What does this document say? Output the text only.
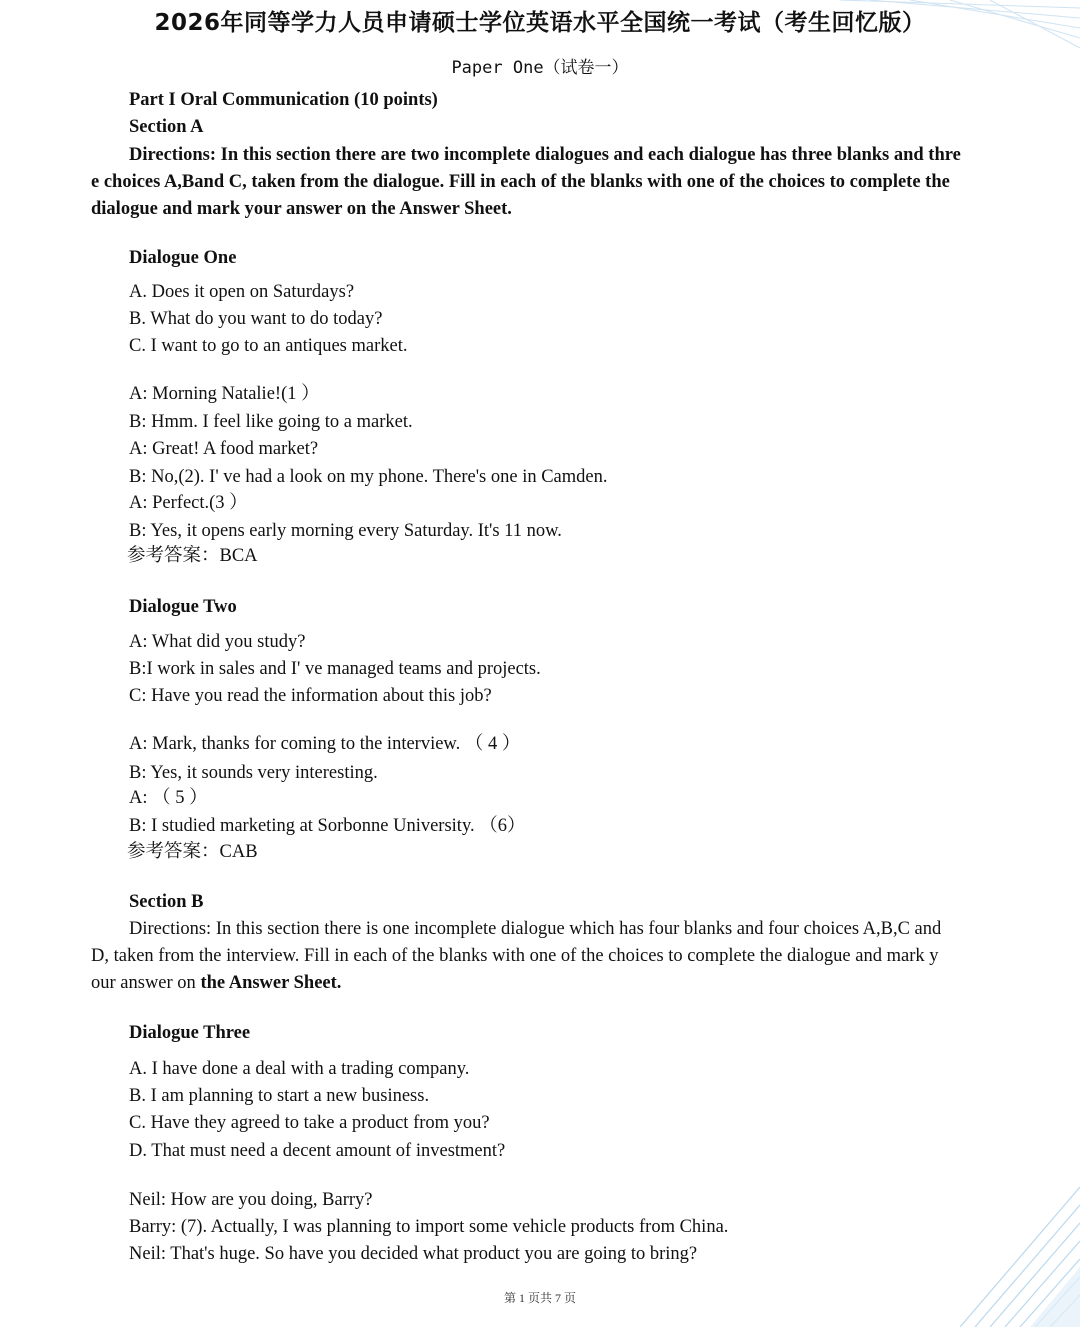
2026年同等学力人员申请硕士学位英语水平全国统一考试（考生回忆版）
Paper One（试卷一）
Part I Oral Communication (10 points)
Section A
Directions: In this section there are two incomplete dialogues and each dialogue has three blanks and thre
e choices A,Band C, taken from the dialogue. Fill in each of the blanks with one of the choices to complete the
dialogue and mark your answer on the Answer Sheet.
Dialogue One
A. Does it open on Saturdays?
B. What do you want to do today?
C. I want to go to an antiques market.
A: Morning Natalie!(1 ）
B: Hmm. I feel like going to a market.
A: Great! A food market?
B: No,(2). I' ve had a look on my phone. There's one in Camden.
A: Perfect.(3 ）
B: Yes, it opens early morning every Saturday. It's 11 now.
参考答案：BCA
Dialogue Two
A: What did you study?
B:I work in sales and I' ve managed teams and projects.
C: Have you read the information about this job?
A: Mark, thanks for coming to the interview. （ 4 ）
B: Yes, it sounds very interesting.
A: （ 5 ）
B: I studied marketing at Sorbonne University. （6）
参考答案：CAB
Section B
Directions: In this section there is one incomplete dialogue which has four blanks and four choices A,B,C and
D, taken from the interview. Fill in each of the blanks with one of the choices to complete the dialogue and mark y
our answer on the Answer Sheet.
Dialogue Three
A. I have done a deal with a trading company.
B. I am planning to start a new business.
C. Have they agreed to take a product from you?
D. That must need a decent amount of investment?
Neil: How are you doing, Barry?
Barry: (7). Actually, I was planning to import some vehicle products from China.
Neil: That's huge. So have you decided what product you are going to bring?
第 1 页共 7 页
